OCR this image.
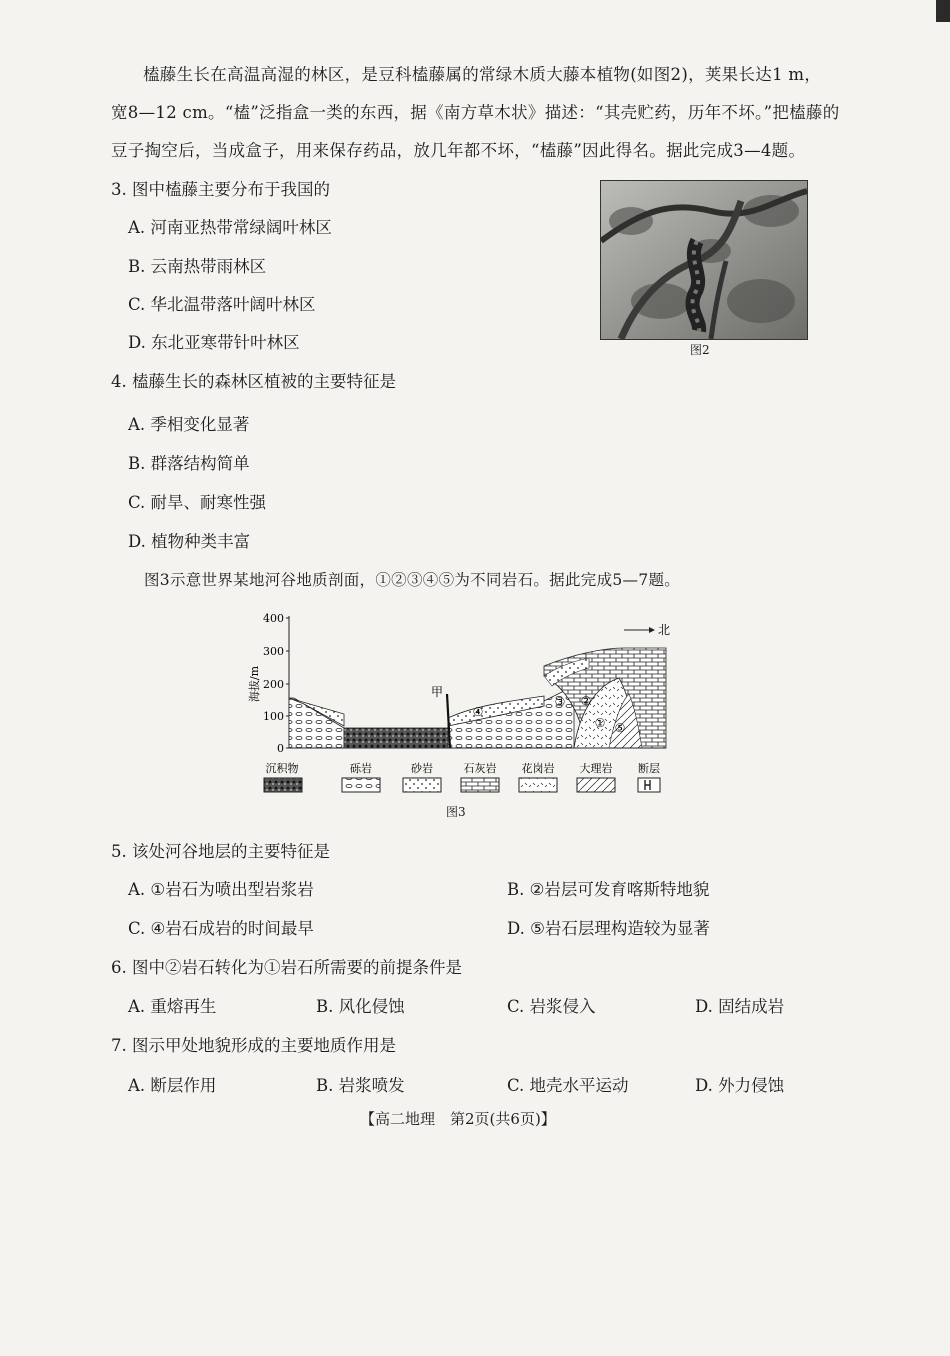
榼藤生长在高温高湿的林区，是豆科榼藤属的常绿木质大藤本植物(如图2)，荚果长达1 m，
宽8—12 cm。“榼”泛指盒一类的东西，据《南方草木状》描述：“其壳贮药，历年不坏。”把榼藤的
豆子掏空后，当成盒子，用来保存药品，放几年都不坏，“榼藤”因此得名。据此完成3—4题。
图2
3. 图中榼藤主要分布于我国的
A. 河南亚热带常绿阔叶林区
B. 云南热带雨林区
C. 华北温带落叶阔叶林区
D. 东北亚寒带针叶林区
4. 榼藤生长的森林区植被的主要特征是
A. 季相变化显著
B. 群落结构简单
C. 耐旱、耐寒性强
D. 植物种类丰富
图3示意世界某地河谷地质剖面，①②③④⑤为不同岩石。据此完成5—7题。
400
300
200
100
0
海拔/m	甲
①
②
③
④
⑤
北
沉积物	砾岩	砂岩	石灰岩 花岗岩 大理岩 断层
图3
5. 该处河谷地层的主要特征是
A. ①岩石为喷出型岩浆岩	B. ②岩层可发育喀斯特地貌
C. ④岩石成岩的时间最早	D. ⑤岩石层理构造较为显著
6. 图中②岩石转化为①岩石所需要的前提条件是
A. 重熔再生	B. 风化侵蚀	C. 岩浆侵入	D. 固结成岩
7. 图示甲处地貌形成的主要地质作用是
A. 断层作用	B. 岩浆喷发	C. 地壳水平运动	D. 外力侵蚀
【高二地理　第2页(共6页)】
